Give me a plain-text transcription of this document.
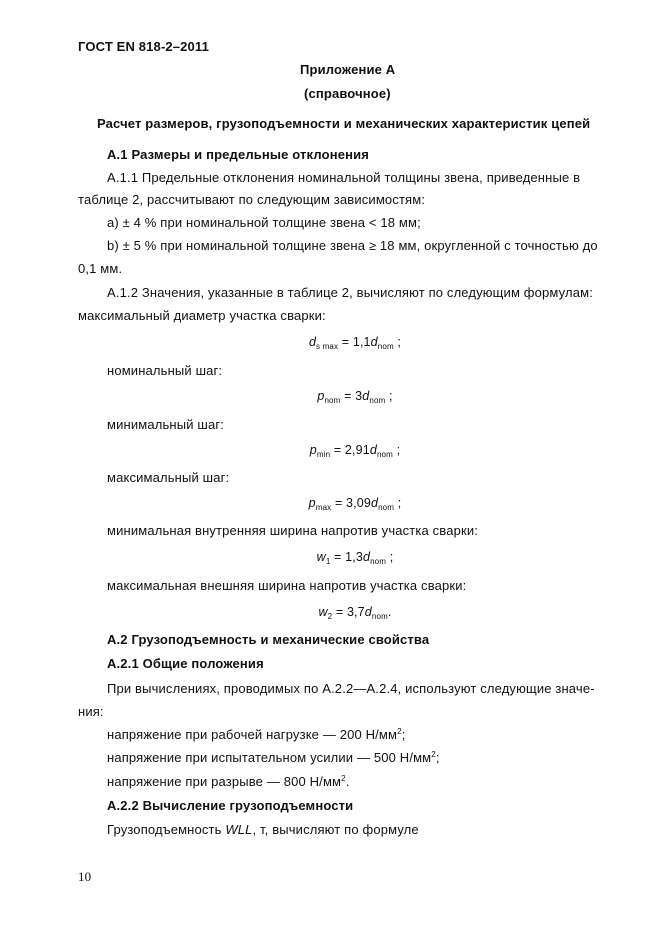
ГОСТ EN 818-2–2011
Приложение А
(справочное)
Расчет размеров, грузоподъемности и механических характеристик цепей
А.1 Размеры и предельные отклонения
А.1.1 Предельные отклонения номинальной толщины звена, приведенные в
таблице 2, рассчитывают по следующим зависимостям:
а) ± 4 % при номинальной толщине звена < 18 мм;
b) ± 5 % при номинальной толщине звена ≥ 18 мм, округленной с точностью до
0,1 мм.
А.1.2 Значения, указанные в таблице 2, вычисляют по следующим формулам:
максимальный диаметр участка сварки:
$d_{s max} = 1,1d_{nom}$ ;
номинальный шаг:
$p_{nom} = 3d_{nom}$ ;
минимальный шаг:
$p_{min} = 2,91d_{nom}$ ;
максимальный шаг:
$p_{max} = 3,09d_{nom}$ ;
минимальная внутренняя ширина напротив участка сварки:
$w_1 = 1,3d_{nom}$ ;
максимальная внешняя ширина напротив участка сварки:
$w_2 = 3,7d_{nom}$.
А.2 Грузоподъемность и механические свойства
А.2.1 Общие положения
При вычислениях, проводимых по А.2.2—А.2.4, используют следующие значе-
ния:
напряжение при рабочей нагрузке — 200 $Н/мм^2$;
напряжение при испытательном усилии — 500 $Н/мм^2$;
напряжение при разрыве — 800 $Н/мм^2$.
А.2.2 Вычисление грузоподъемности
Грузоподъемность WLL, т, вычисляют по формуле
10
